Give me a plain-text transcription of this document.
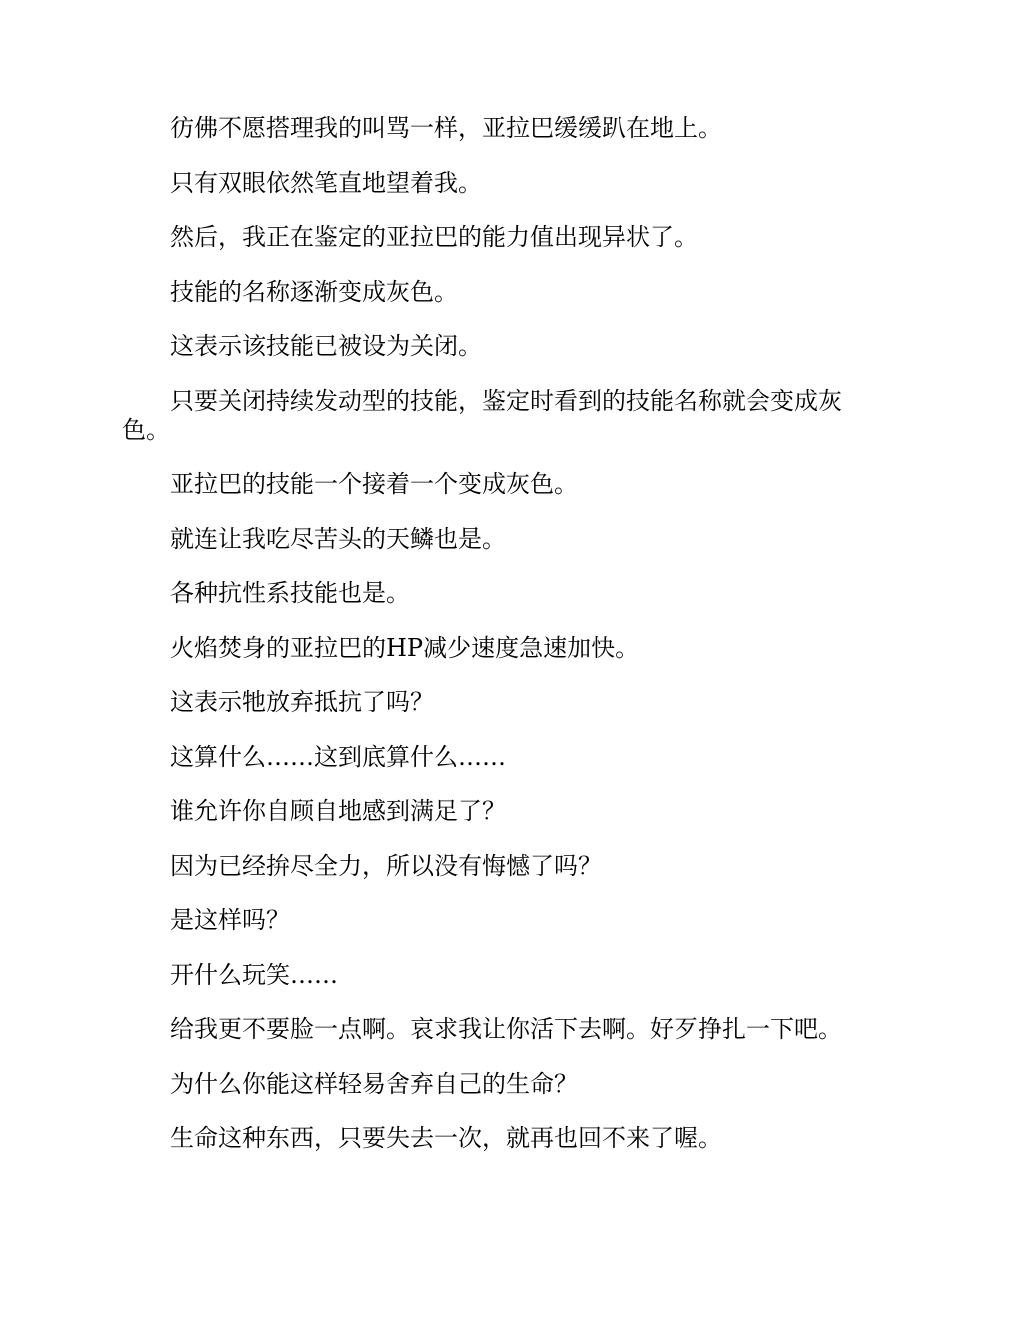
彷佛不愿搭理我的叫骂一样，亚拉巴缓缓趴在地上。

只有双眼依然笔直地望着我。

然后，我正在鉴定的亚拉巴的能力值出现异状了。

技能的名称逐渐变成灰色。

这表示该技能已被设为关闭。

只要关闭持续发动型的技能，鉴定时看到的技能名称就会变成灰色。

亚拉巴的技能一个接着一个变成灰色。

就连让我吃尽苦头的天鳞也是。

各种抗性系技能也是。

火焰焚身的亚拉巴的HP减少速度急速加快。

这表示牠放弃抵抗了吗？

这算什么……这到底算什么……

谁允许你自顾自地感到满足了？

因为已经拚尽全力，所以没有悔憾了吗？

是这样吗？

开什么玩笑……

给我更不要脸一点啊。哀求我让你活下去啊。好歹挣扎一下吧。

为什么你能这样轻易舍弃自己的生命？

生命这种东西，只要失去一次，就再也回不来了喔。
